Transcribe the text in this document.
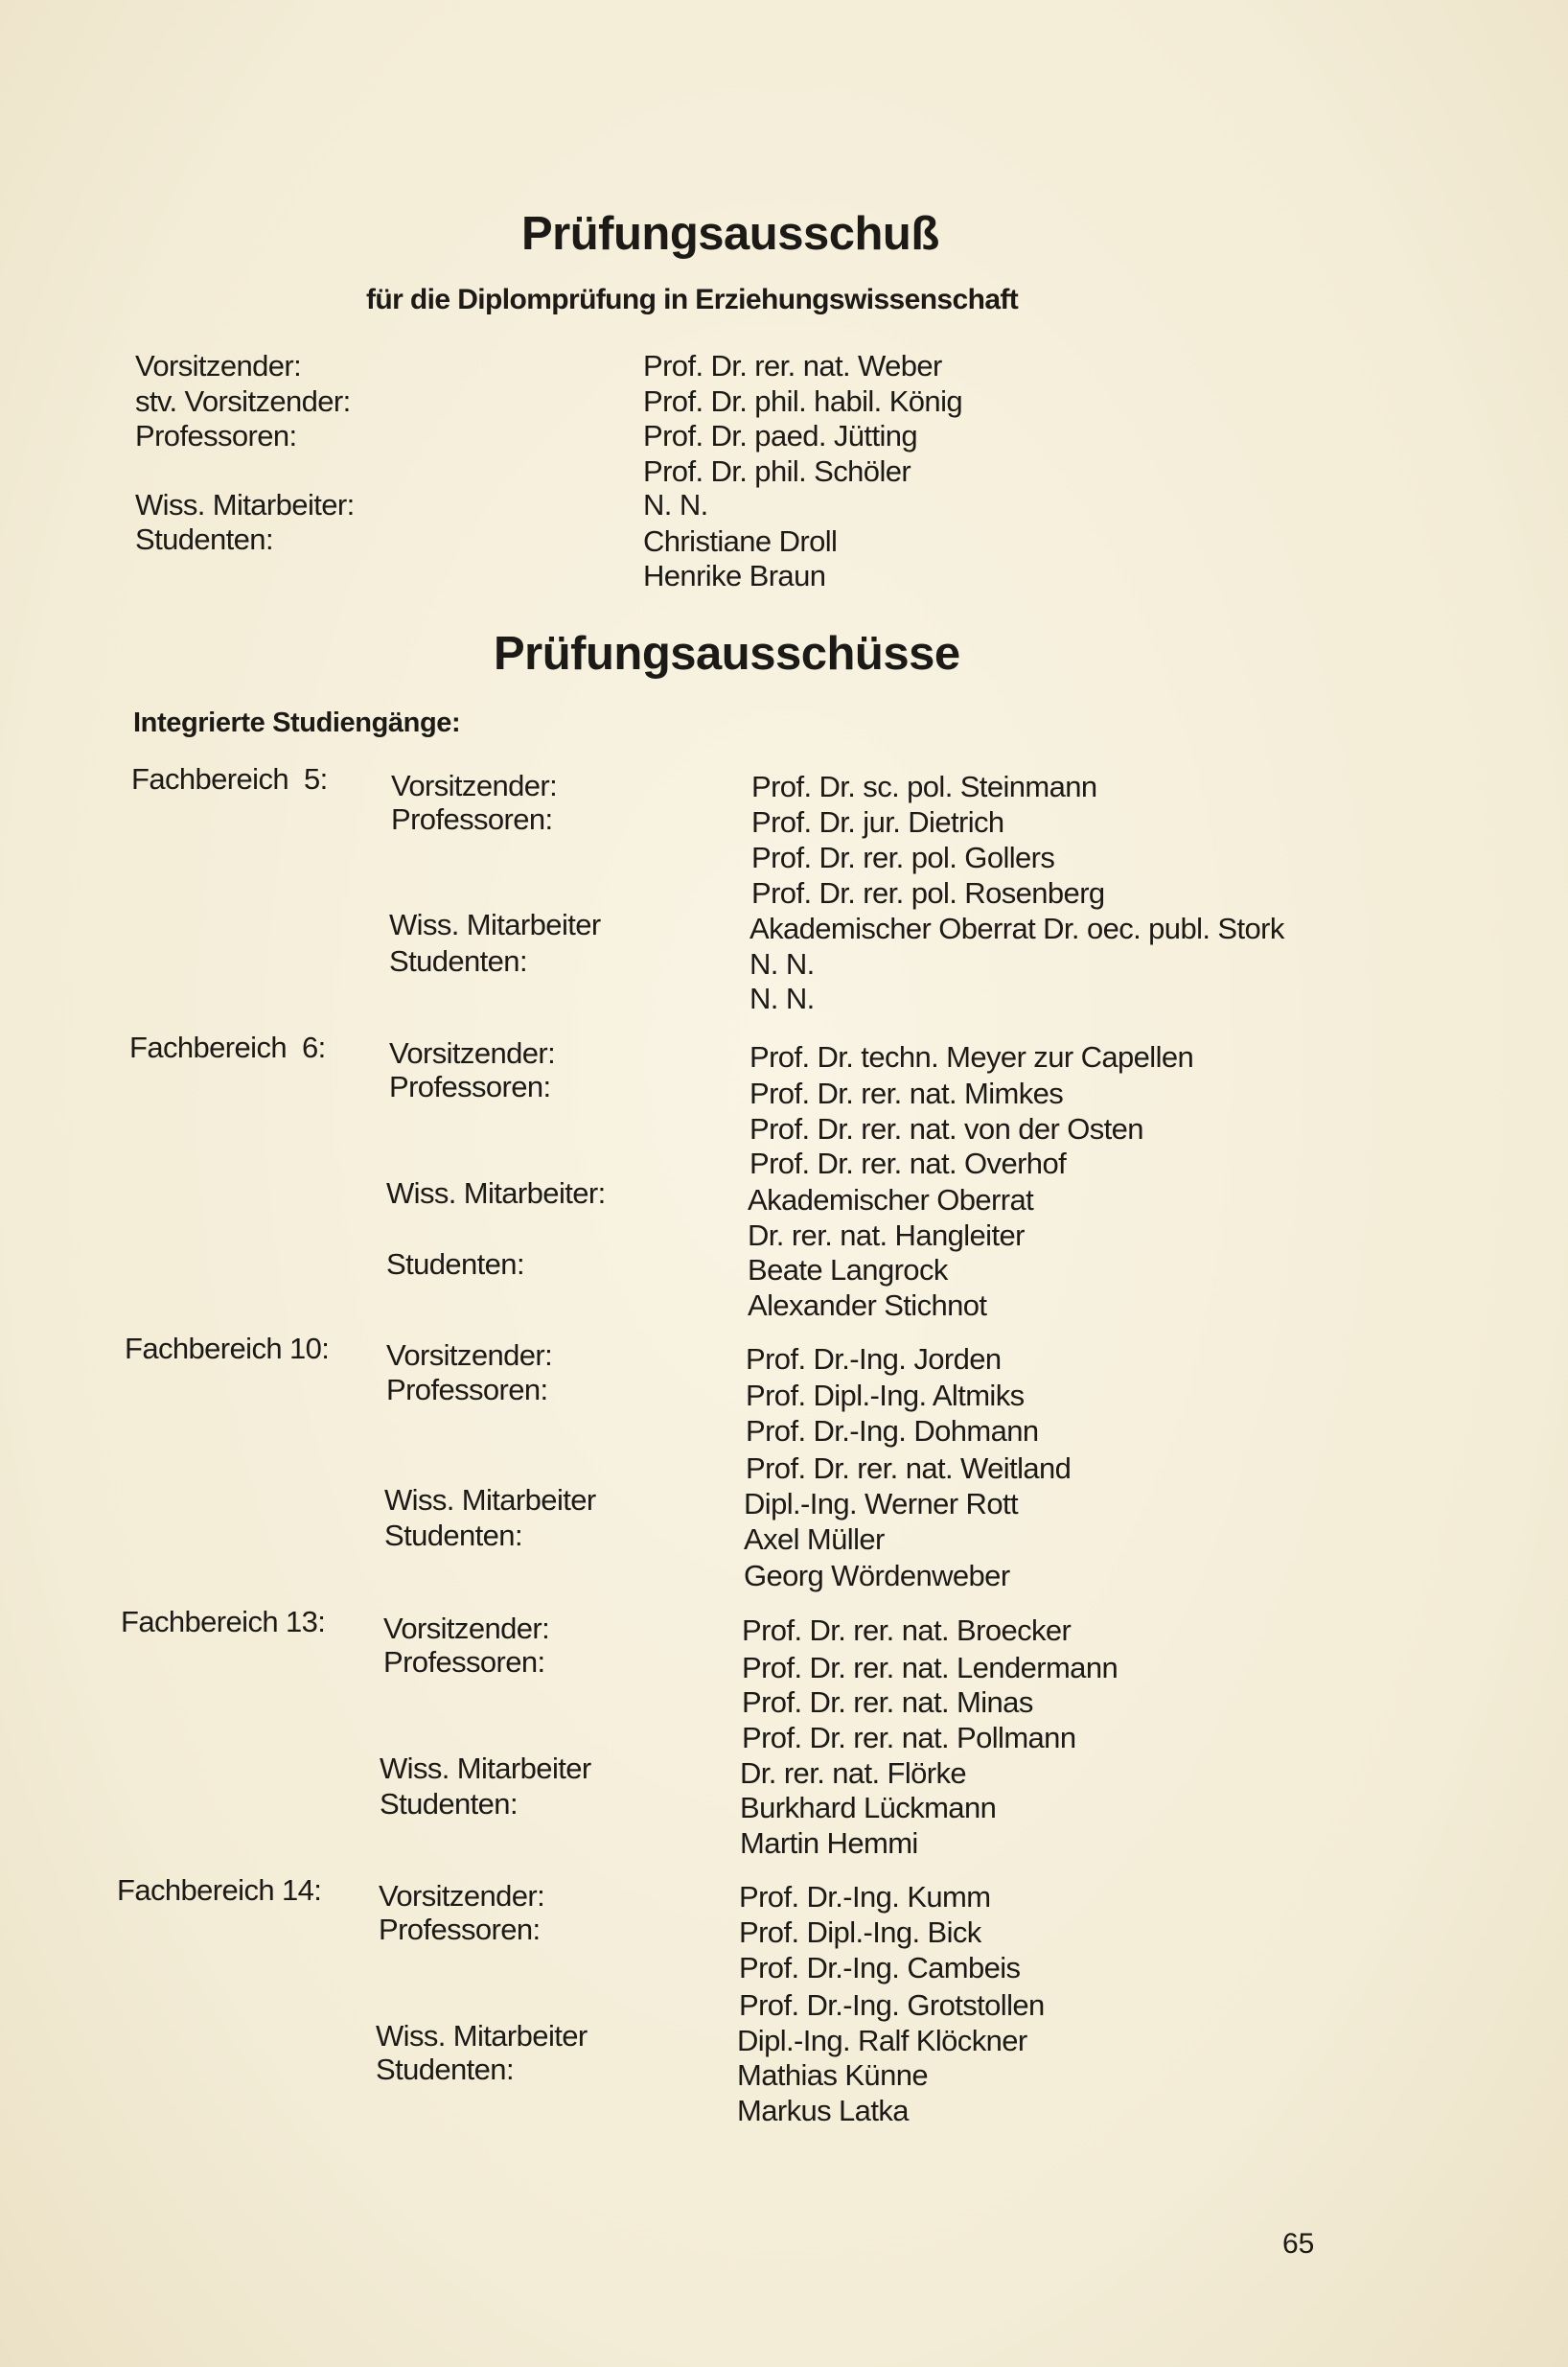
Prüfungsausschuß
für die Diplomprüfung in Erziehungswissenschaft
Vorsitzender:
stv. Vorsitzender:
Professoren:
Wiss. Mitarbeiter:
Studenten:
Prof. Dr. rer. nat. Weber
Prof. Dr. phil. habil. König
Prof. Dr. paed. Jütting
Prof. Dr. phil. Schöler
N. N.
Christiane Droll
Henrike Braun
Prüfungsausschüsse
Integrierte Studiengänge:
Fachbereich  5: Vorsitzender:
Professoren:
Wiss. Mitarbeiter
Studenten:
Prof. Dr. sc. pol. Steinmann
Prof. Dr. jur. Dietrich
Prof. Dr. rer. pol. Gollers
Prof. Dr. rer. pol. Rosenberg
Akademischer Oberrat Dr. oec. publ. Stork
N. N.
N. N.
Fachbereich  6: Vorsitzender:
Professoren:
Wiss. Mitarbeiter:
Studenten:
Prof. Dr. techn. Meyer zur Capellen
Prof. Dr. rer. nat. Mimkes
Prof. Dr. rer. nat. von der Osten
Prof. Dr. rer. nat. Overhof
Akademischer Oberrat
Dr. rer. nat. Hangleiter
Beate Langrock
Alexander Stichnot
Fachbereich 10: Vorsitzender:
Professoren:
Wiss. Mitarbeiter
Studenten:
Prof. Dr.-Ing. Jorden
Prof. Dipl.-Ing. Altmiks
Prof. Dr.-Ing. Dohmann
Prof. Dr. rer. nat. Weitland
Dipl.-Ing. Werner Rott
Axel Müller
Georg Wördenweber
Fachbereich 13: Vorsitzender:
Professoren:
Wiss. Mitarbeiter
Studenten:
Prof. Dr. rer. nat. Broecker
Prof. Dr. rer. nat. Lendermann
Prof. Dr. rer. nat. Minas
Prof. Dr. rer. nat. Pollmann
Dr. rer. nat. Flörke
Burkhard Lückmann
Martin Hemmi
Fachbereich 14: Vorsitzender:
Professoren:
Wiss. Mitarbeiter
Studenten:
Prof. Dr.-Ing. Kumm
Prof. Dipl.-Ing. Bick
Prof. Dr.-Ing. Cambeis
Prof. Dr.-Ing. Grotstollen
Dipl.-Ing. Ralf Klöckner
Mathias Künne
Markus Latka
65
